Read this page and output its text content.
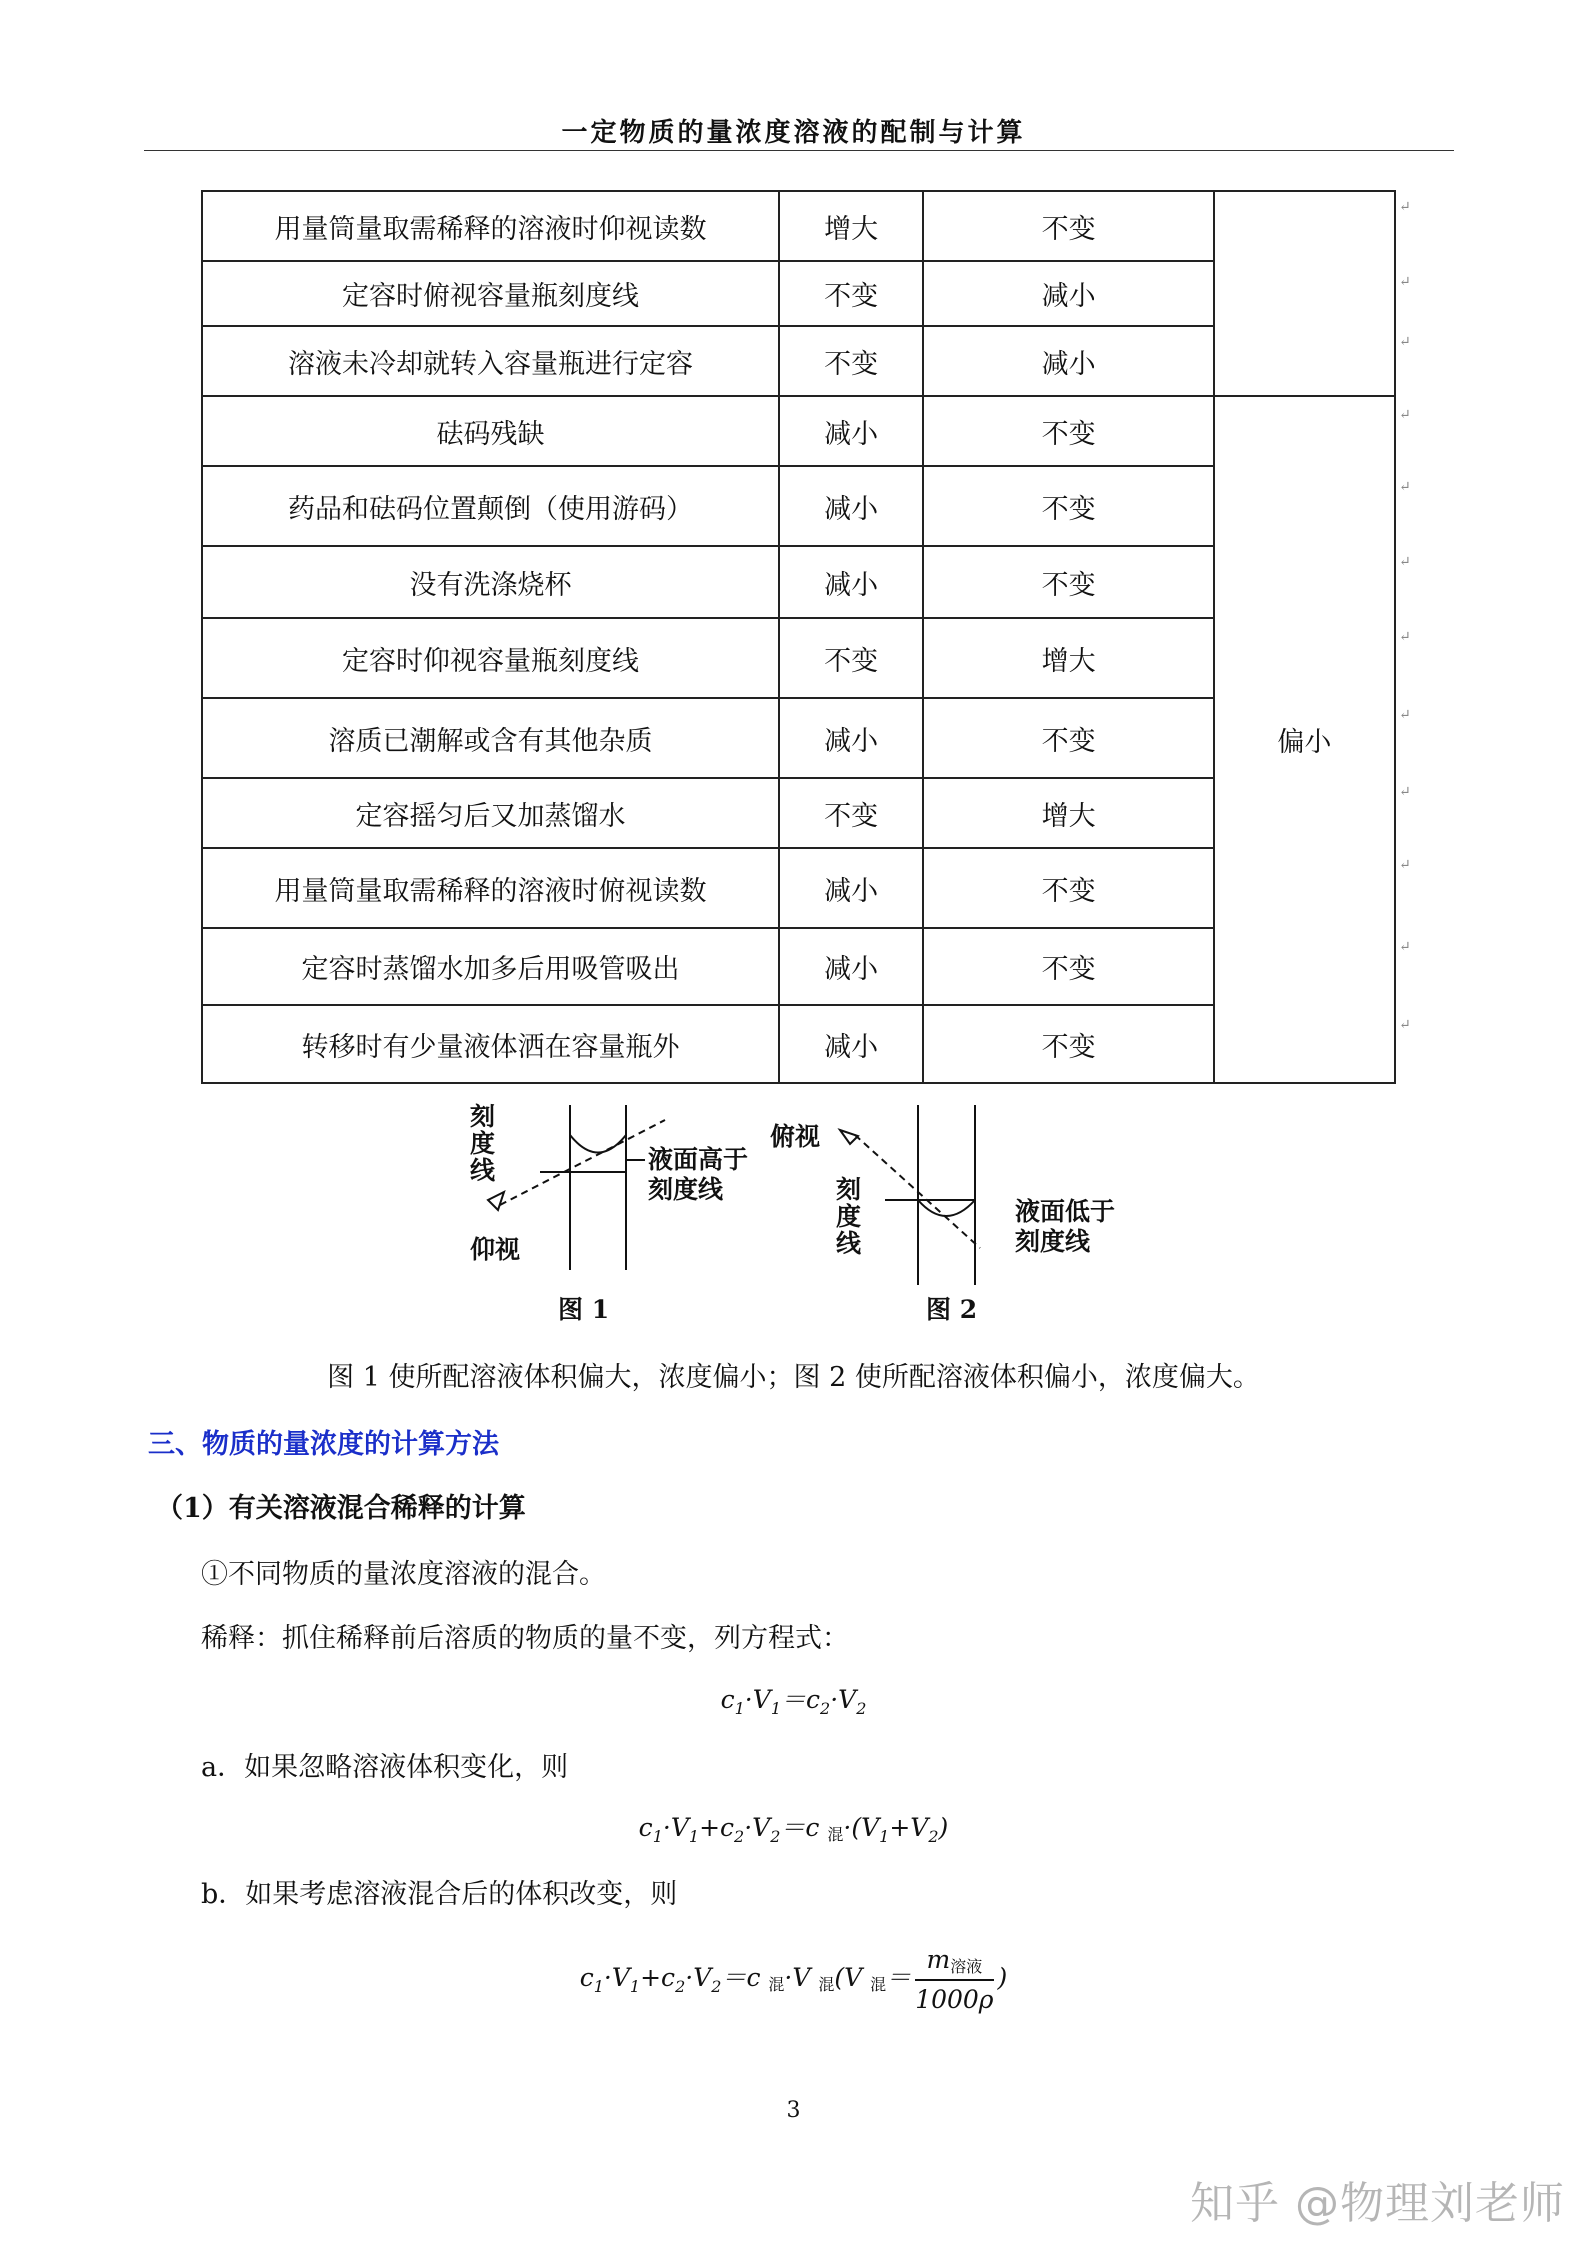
一定物质的量浓度溶液的配制与计算
用量筒量取需稀释的溶液时仰视读数	增大	不变	
定容时俯视容量瓶刻度线	不变	减小	
溶液未冷却就转入容量瓶进行定容	不变	减小	
砝码残缺	减小	不变	偏小
药品和砝码位置颠倒（使用游码）	减小	不变	
没有洗涤烧杯	减小	不变	
定容时仰视容量瓶刻度线	不变	增大	
溶质已潮解或含有其他杂质	减小	不变	
定容摇匀后又加蒸馏水	不变	增大	
用量筒量取需稀释的溶液时俯视读数	减小	不变	
定容时蒸馏水加多后用吸管吸出	减小	不变	
转移时有少量液体洒在容量瓶外	减小	不变	
↵
↵
↵
↵
↵
↵
↵
↵
↵
↵
↵
↵
刻 度 线
仰视
液面高于 刻度线
图 1
俯视
刻 度 线
液面低于 刻度线
图 2
图 1 使所配溶液体积偏大，浓度偏小；图 2 使所配溶液体积偏小，浓度偏大。
三、物质的量浓度的计算方法
（1）有关溶液混合稀释的计算
①不同物质的量浓度溶液的混合。
稀释：抓住稀释前后溶质的物质的量不变，列方程式：
$c_1\cdot V_1=c_2\cdot V_2$
a．如果忽略溶液体积变化，则
$c_1\cdot V_1+c_2\cdot V_2=c$ 混$\cdot(V_1+V_2)$
b．如果考虑溶液混合后的体积改变，则
$c_1\cdot V_1+c_2\cdot V_2=c$ 混·V 混(V 混＝ $\frac{\text{m溶液}}{1000\rho}$ )
3
知乎 @物理刘老师
